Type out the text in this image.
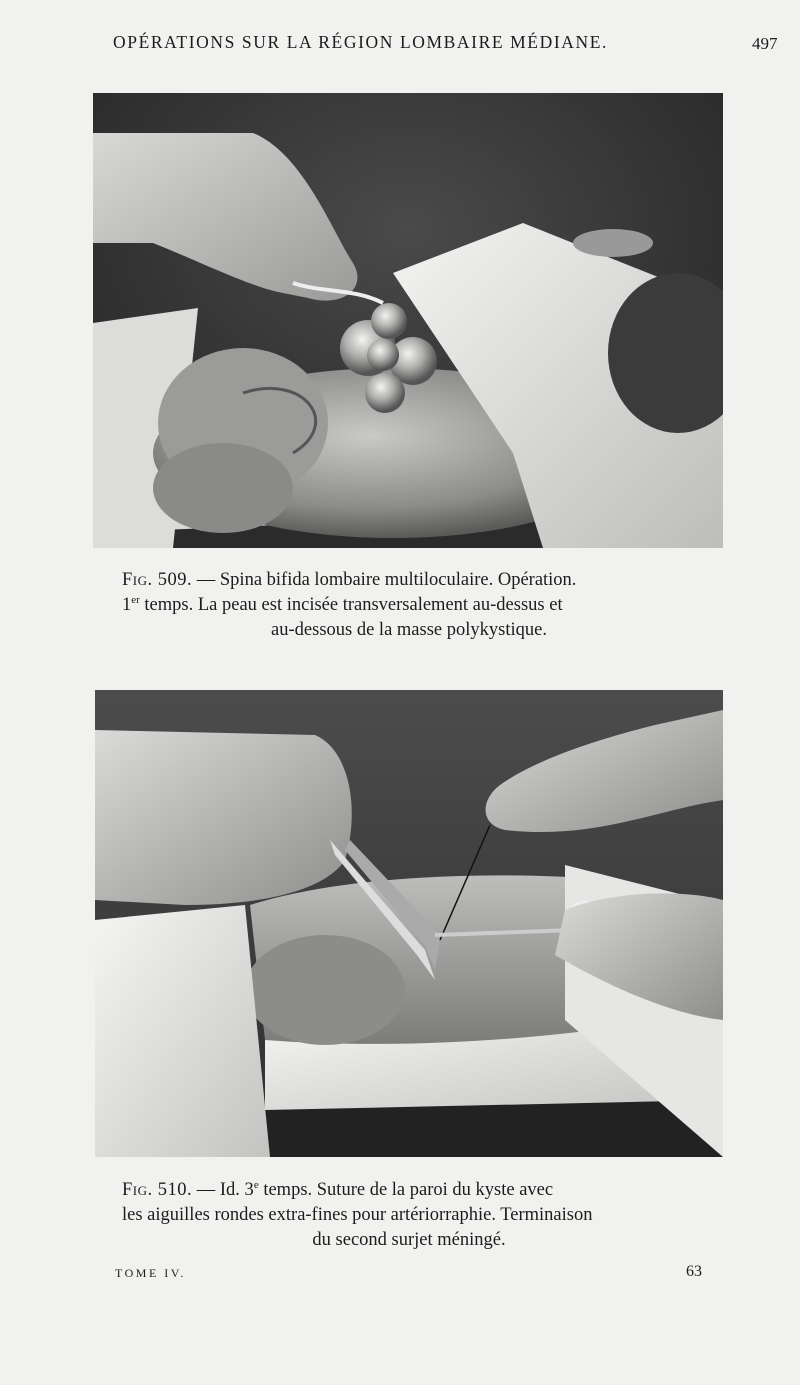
OPÉRATIONS SUR LA RÉGION LOMBAIRE MÉDIANE.	497
Fig. 509. — Spina bifida lombaire multiloculaire. Opération.
1er temps. La peau est incisée transversalement au-dessus et
au-dessous de la masse polykystique.
Fig. 510. — Id. 3e temps. Suture de la paroi du kyste avec
les aiguilles rondes extra-fines pour artériorraphie. Terminaison
du second surjet méningé.
TOME IV.	63
